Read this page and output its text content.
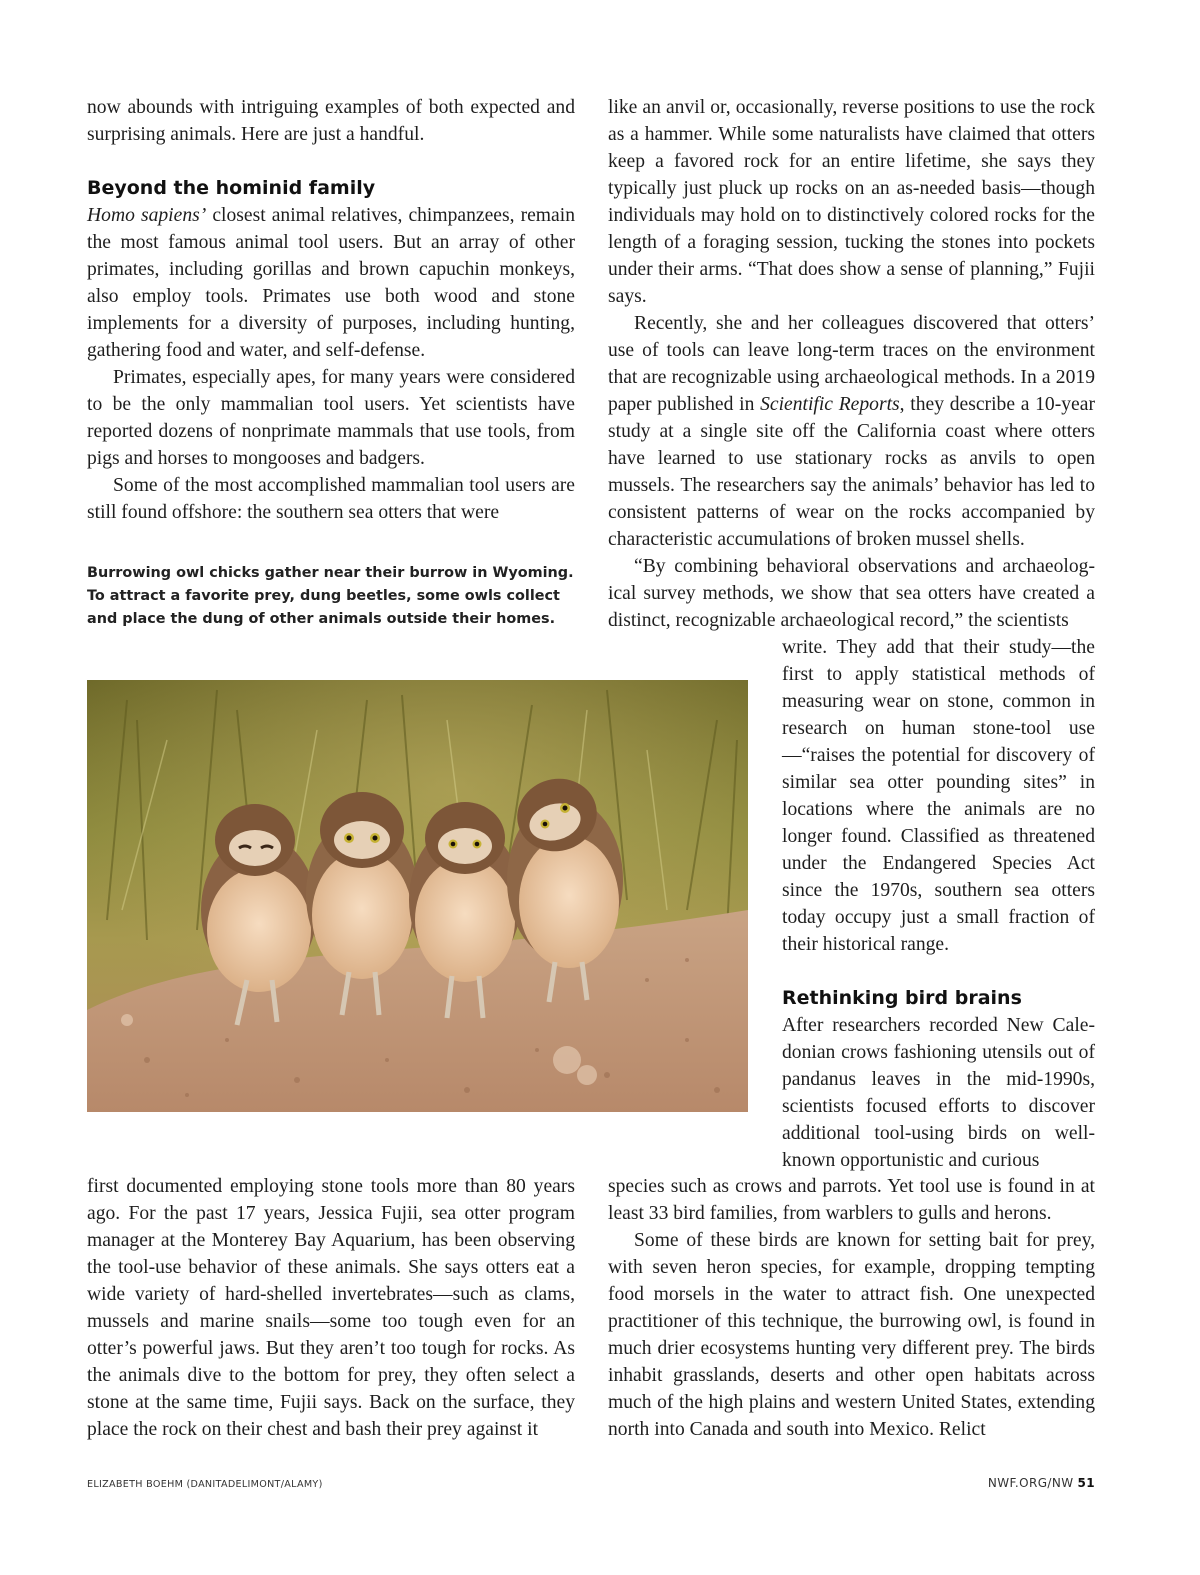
now abounds with intriguing examples of both expected and surprising animals. Here are just a handful.

Beyond the hominid family

Homo sapiens’ closest animal relatives, chimpanzees, remain the most famous animal tool users. But an array of other primates, including gorillas and brown capuchin monkeys, also employ tools. Primates use both wood and stone implements for a diversity of purposes, including hunting, gathering food and water, and self-defense.

Primates, especially apes, for many years were considered to be the only mammalian tool users. Yet scientists have reported dozens of nonprimate mammals that use tools, from pigs and horses to mongooses and badgers.

Some of the most accomplished mammalian tool users are still found offshore: the southern sea otters that were

Burrowing owl chicks gather near their burrow in Wyoming. To attract a favorite prey, dung beetles, some owls collect and place the dung of other animals outside their homes.

first documented employing stone tools more than 80 years ago. For the past 17 years, Jessica Fujii, sea otter program manager at the Monterey Bay Aquarium, has been observing the tool-use behavior of these animals. She says otters eat a wide variety of hard-shelled invertebrates—such as clams, mussels and marine snails—some too tough even for an otter’s powerful jaws. But they aren’t too tough for rocks. As the animals dive to the bottom for prey, they often select a stone at the same time, Fujii says. Back on the surface, they place the rock on their chest and bash their prey against it

like an anvil or, occasionally, reverse positions to use the rock as a hammer. While some naturalists have claimed that otters keep a favored rock for an entire lifetime, she says they typically just pluck up rocks on an as-needed basis—though individuals may hold on to distinctively colored rocks for the length of a foraging session, tucking the stones into pockets under their arms. “That does show a sense of planning,” Fujii says.

Recently, she and her colleagues discovered that otters’ use of tools can leave long-term traces on the environment that are recognizable using archaeological methods. In a 2019 paper published in Scientific Reports, they describe a 10-year study at a single site off the California coast where otters have learned to use stationary rocks as anvils to open mussels. The researchers say the animals’ behavior has led to consistent patterns of wear on the rocks accompanied by characteristic accumulations of broken mussel shells.

“By combining behavioral observations and archaeological survey methods, we show that sea otters have created a distinct, recognizable archaeological record,” the scientists

write. They add that their study—the first to apply statistical methods of measuring wear on stone, common in research on human stone-tool use—“raises the potential for discovery of similar sea otter pounding sites” in locations where the animals are no longer found. Classified as threatened under the Endangered Species Act since the 1970s, southern sea otters today occupy just a small fraction of their historical range.

Rethinking bird brains

After researchers recorded New Caledonian crows fashioning utensils out of pandanus leaves in the mid-1990s, scientists focused efforts to discover additional tool-using birds on well-known opportunistic and curious

species such as crows and parrots. Yet tool use is found in at least 33 bird families, from warblers to gulls and herons.

Some of these birds are known for setting bait for prey, with seven heron species, for example, dropping tempting food morsels in the water to attract fish. One unexpected practitioner of this technique, the burrowing owl, is found in much drier ecosystems hunting very different prey. The birds inhabit grasslands, deserts and other open habitats across much of the high plains and western United States, extending north into Canada and south into Mexico. Relict

ELIZABETH BOEHM (DANITADELIMONT/ALAMY)	NWF.ORG/NW 51
